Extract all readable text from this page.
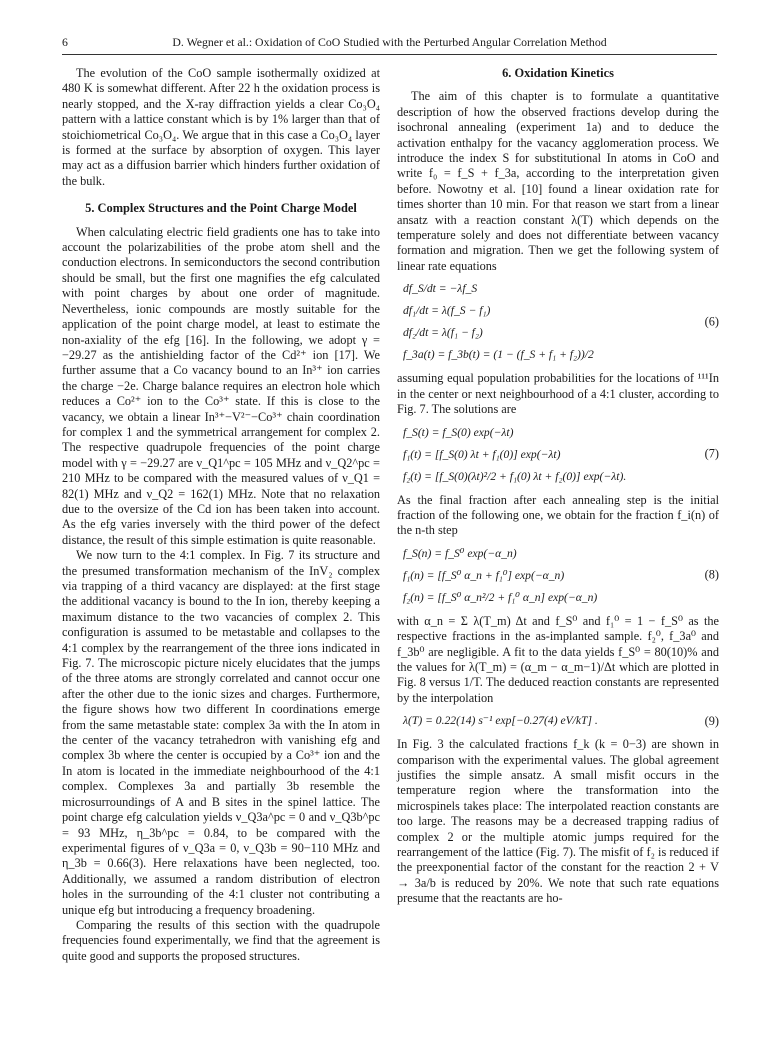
6	D. Wegner et al.: Oxidation of CoO Studied with the Perturbed Angular Correlation Method

The evolution of the CoO sample isothermally oxidized at 480 K is somewhat different. After 22 h the oxidation process is nearly stopped, and the X-ray diffraction yields a clear Co₃O₄ pattern with a lattice constant which is by 1% larger than that of stoichiometrical Co₃O₄. We argue that in this case a Co₃O₄ layer is formed at the surface by absorption of oxygen. This layer may act as a diffusion barrier which hinders further oxidation of the bulk.

5. Complex Structures and the Point Charge Model

When calculating electric field gradients one has to take into account the polarizabilities of the probe atom shell and the conduction electrons. In semiconductors the second contribution should be small, but the first one magnifies the efg calculated with point charges by about one order of magnitude. Nevertheless, ionic compounds are mostly suitable for the application of the point charge model, at least to estimate the non-axiality of the efg [16]. In the following, we adopt γ = −29.27 as the antishielding factor of the Cd²⁺ ion [17]. We further assume that a Co vacancy bound to an In³⁺ ion carries the charge −2e. Charge balance requires an electron hole which reduces a Co²⁺ ion to the Co³⁺ state. If this is close to the vacancy, we obtain a linear In³⁺−V²⁻−Co³⁺ chain coordination for complex 1 and the symmetrical arrangement for complex 2. The respective quadrupole frequencies of the point charge model with γ = −29.27 are ν_Q1^pc = 105 MHz and ν_Q2^pc = 210 MHz to be compared with the measured values of ν_Q1 = 82(1) MHz and ν_Q2 = 162(1) MHz. Note that no relaxation due to the oversize of the Cd ion has been taken into account. As the efg varies inversely with the third power of the defect distance, the result of this simple estimation is quite reasonable.

We now turn to the 4:1 complex. In Fig. 7 its structure and the presumed transformation mechanism of the InV₂ complex via trapping of a third vacancy are displayed: at the first stage the additional vacancy is bound to the In ion, thereby keeping a maximum distance to the two vacancies of complex 2. This configuration is assumed to be metastable and collapses to the 4:1 complex by the rearrangement of the three ions indicated in Fig. 7. The microscopic picture nicely elucidates that the jumps of the three atoms are strongly correlated and cannot occur one after the other due to the ionic sizes and charges. Furthermore, the figure shows how two different In coordinations emerge from the same metastable state: complex 3a with the In atom in the center of the vacancy tetrahedron with vanishing efg and complex 3b where the center is occupied by a Co³⁺ ion and the In atom is located in the immediate neighbourhood of the 4:1 complex. Complexes 3a and partially 3b resemble the microsurroundings of A and B sites in the spinel lattice. The point charge efg calculation yields ν_Q3a^pc = 0 and ν_Q3b^pc = 93 MHz, η_3b^pc = 0.84, to be compared with the experimental figures of ν_Q3a = 0, ν_Q3b = 90−110 MHz and η_3b = 0.66(3). Here relaxations have been neglected, too. Additionally, we assumed a random distribution of electron holes in the surrounding of the 4:1 cluster not contributing a unique efg but introducing a frequency broadening.

Comparing the results of this section with the quadrupole frequencies found experimentally, we find that the agreement is quite good and supports the proposed structures.

6. Oxidation Kinetics

The aim of this chapter is to formulate a quantitative description of how the observed fractions develop during the isochronal annealing (experiment 1a) and to deduce the activation enthalpy for the vacancy agglomeration process. We introduce the index S for substitutional In atoms in CoO and write f₀ = f_S + f_3a, according to the interpretation given before. Nowotny et al. [10] found a linear oxidation rate for times shorter than 10 min. For that reason we start from a linear ansatz with a reaction constant λ(T) which depends on the temperature solely and does not differentiate between vacancy formation and migration. Then we get the following system of linear rate equations

df_S/dt = −λf_S
df₁/dt = λ(f_S − f₁)
df₂/dt = λ(f₁ − f₂)
f_3a(t) = f_3b(t) = (1 − (f_S + f₁ + f₂))/2
(6)

assuming equal population probabilities for the locations of ¹¹¹In in the center or next neighbourhood of a 4:1 cluster, according to Fig. 7. The solutions are

f_S(t) = f_S(0) exp(−λt)
f₁(t) = [f_S(0) λt + f₁(0)] exp(−λt)
f₂(t) = [f_S(0)(λt)²/2 + f₁(0) λt + f₂(0)] exp(−λt).
(7)

As the final fraction after each annealing step is the initial fraction of the following one, we obtain for the fraction f_i(n) of the n-th step

f_S(n) = f_S⁰ exp(−α_n)
f₁(n) = [f_S⁰ α_n + f₁⁰] exp(−α_n)
f₂(n) = [f_S⁰ α_n²/2 + f₁⁰ α_n] exp(−α_n)
(8)

with α_n = Σ λ(T_m) Δt and f_S⁰ and f₁⁰ = 1 − f_S⁰ as the respective fractions in the as-implanted sample. f₂⁰, f_3a⁰ and f_3b⁰ are negligible. A fit to the data yields f_S⁰ = 80(10)% and the values for λ(T_m) = (α_m − α_m−1)/Δt which are plotted in Fig. 8 versus 1/T. The deduced reaction constants are represented by the interpolation

λ(T) = 0.22(14) s⁻¹ exp[−0.27(4) eV/kT] .	(9)

In Fig. 3 the calculated fractions f_k (k = 0−3) are shown in comparison with the experimental values. The global agreement justifies the simple ansatz. A small misfit occurs in the temperature region where the transformation into the microspinels takes place: The interpolated reaction constants are too large. The reasons may be a decreased trapping radius of complex 2 or the multiple atomic jumps required for the rearrangement of the lattice (Fig. 7). The misfit of f₂ is reduced if the preexponential factor of the constant for the reaction 2 + V → 3a/b is reduced by 20%. We note that such rate equations presume that the reactants are ho-
